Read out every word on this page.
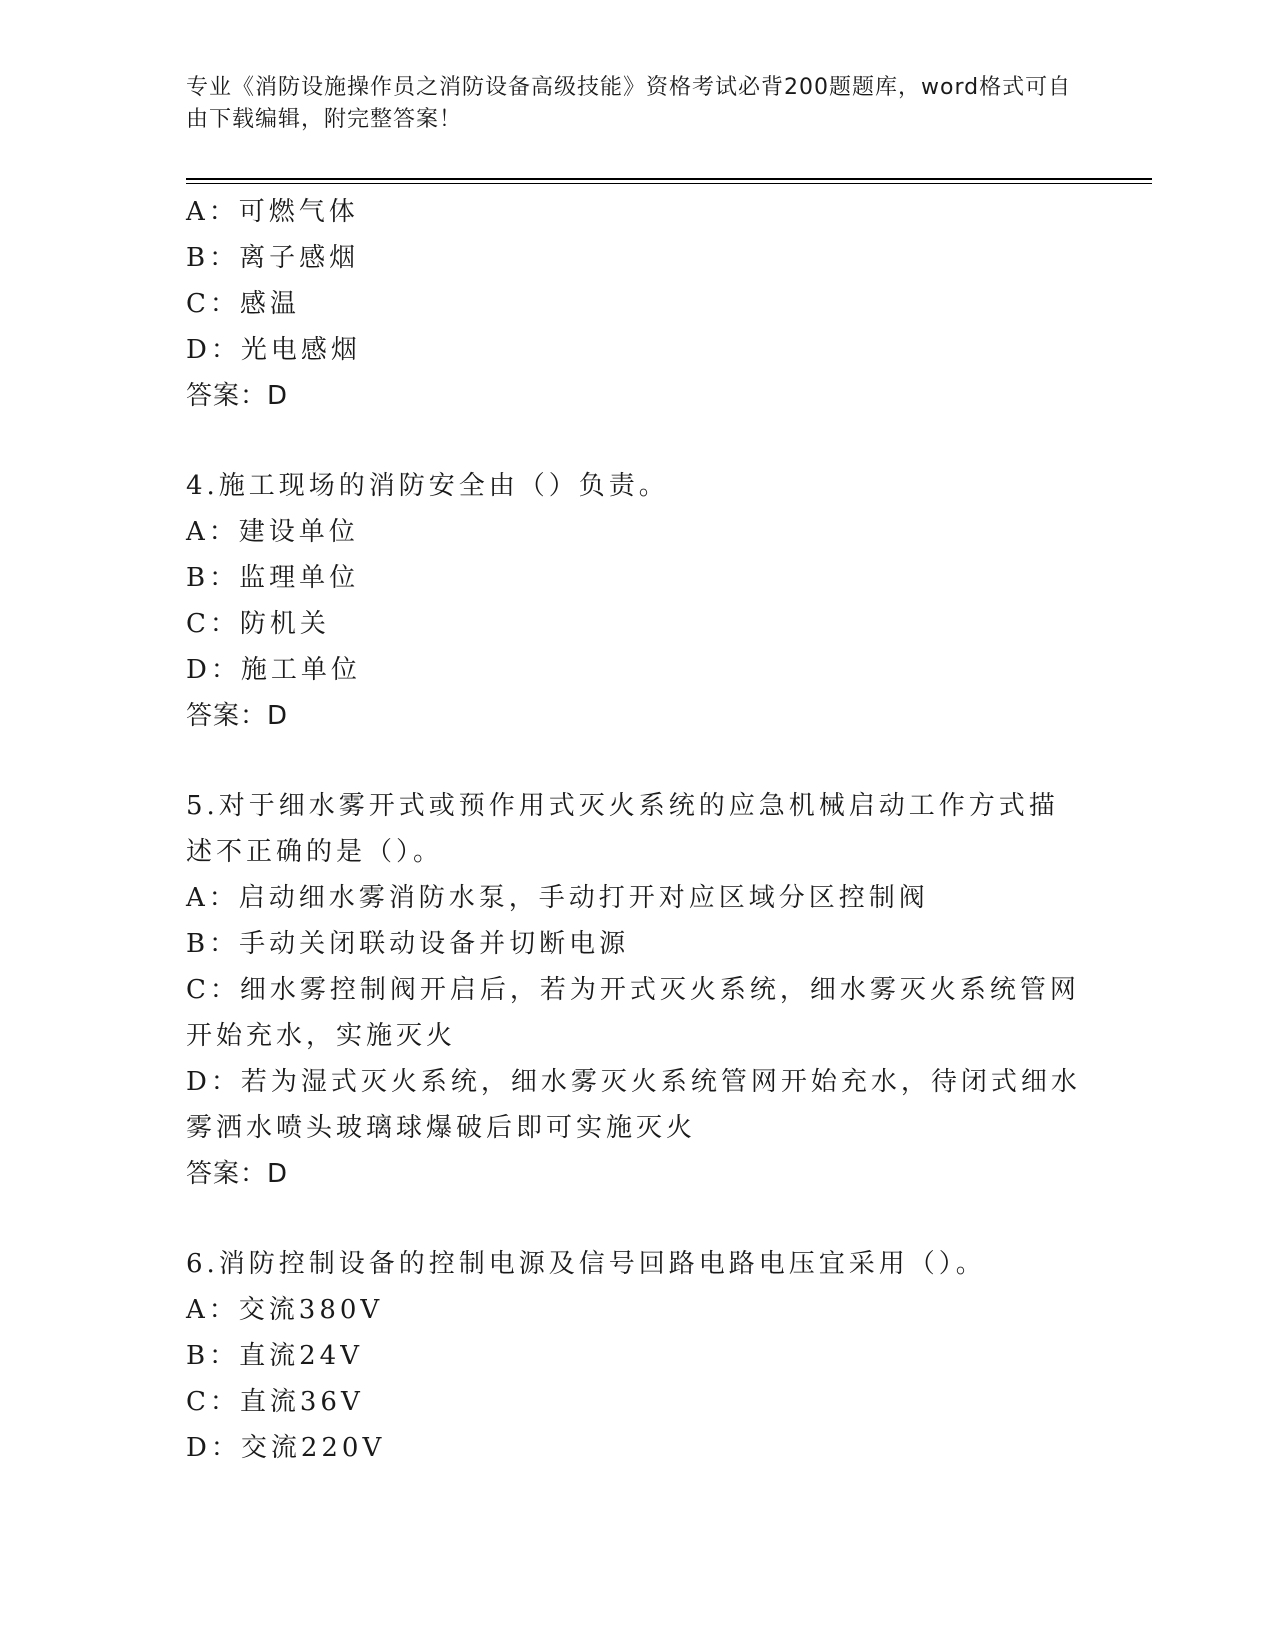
专业《消防设施操作员之消防设备高级技能》资格考试必背200题题库，word格式可自由下载编辑，附完整答案！
A：可燃气体
B：离子感烟
C：感温
D：光电感烟
答案：D
4.施工现场的消防安全由（）负责。
A：建设单位
B：监理单位
C：防机关
D：施工单位
答案：D
5.对于细水雾开式或预作用式灭火系统的应急机械启动工作方式描述不正确的是（）。
A：启动细水雾消防水泵，手动打开对应区域分区控制阀
B：手动关闭联动设备并切断电源
C：细水雾控制阀开启后，若为开式灭火系统，细水雾灭火系统管网开始充水，实施灭火
D：若为湿式灭火系统，细水雾灭火系统管网开始充水，待闭式细水雾洒水喷头玻璃球爆破后即可实施灭火
答案：D
6.消防控制设备的控制电源及信号回路电路电压宜采用（）。
A：交流380V
B：直流24V
C：直流36V
D：交流220V
